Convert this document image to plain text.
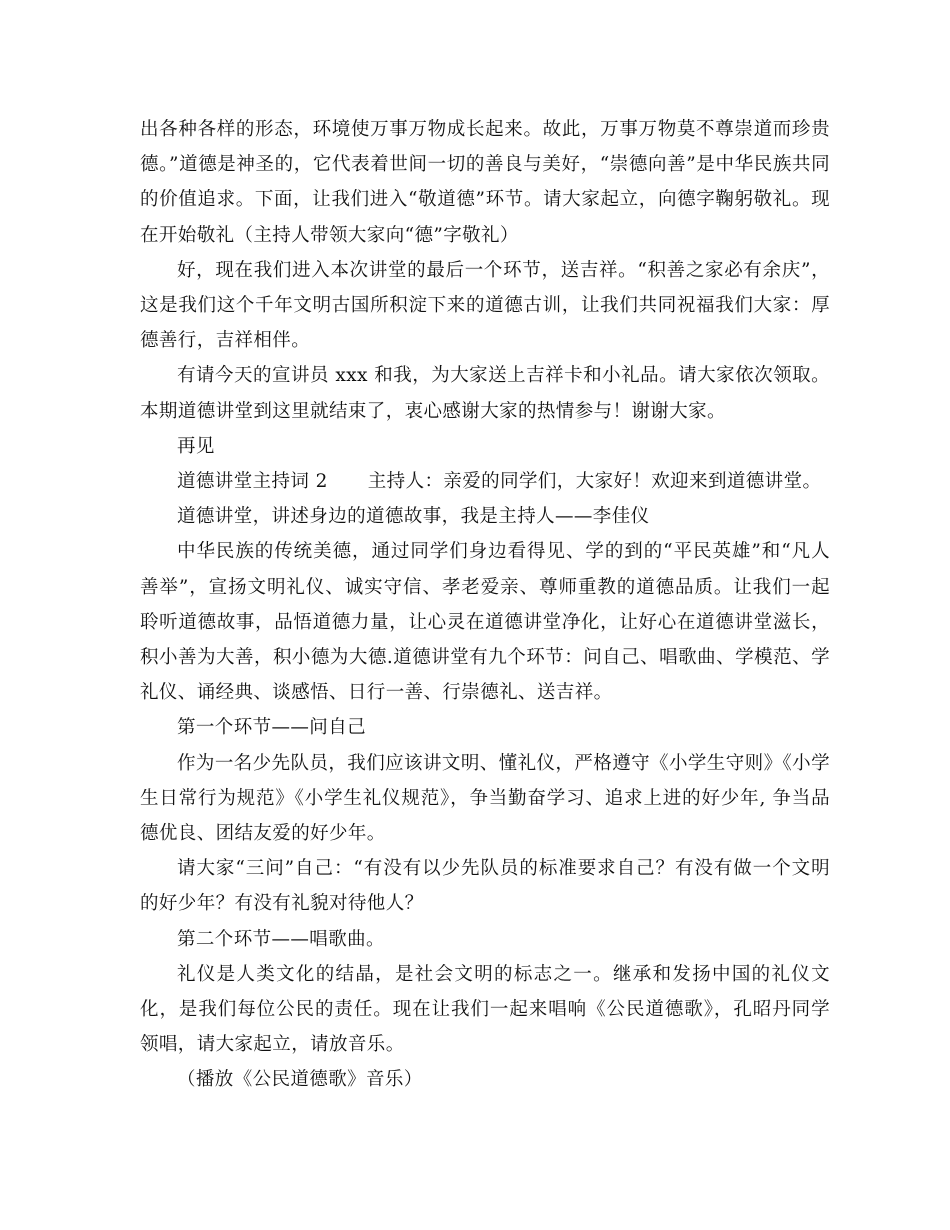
出各种各样的形态，环境使万事万物成长起来。故此，万事万物莫不尊崇道而珍贵德。”道德是神圣的，它代表着世间一切的善良与美好，“崇德向善”是中华民族共同的价值追求。下面，让我们进入“敬道德”环节。请大家起立，向德字鞠躬敬礼。现在开始敬礼（主持人带领大家向“德”字敬礼）

好，现在我们进入本次讲堂的最后一个环节，送吉祥。“积善之家必有余庆”，这是我们这个千年文明古国所积淀下来的道德古训，让我们共同祝福我们大家：厚德善行，吉祥相伴。

有请今天的宣讲员 xxx 和我，为大家送上吉祥卡和小礼品。请大家依次领取。本期道德讲堂到这里就结束了，衷心感谢大家的热情参与！谢谢大家。

再见

道德讲堂主持词 2 主持人：亲爱的同学们，大家好！欢迎来到道德讲堂。

道德讲堂，讲述身边的道德故事，我是主持人——李佳仪

中华民族的传统美德，通过同学们身边看得见、学的到的“平民英雄”和“凡人善举”，宣扬文明礼仪、诚实守信、孝老爱亲、尊师重教的道德品质。让我们一起聆听道德故事，品悟道德力量，让心灵在道德讲堂净化，让好心在道德讲堂滋长，积小善为大善，积小德为大德.道德讲堂有九个环节：问自己、唱歌曲、学模范、学礼仪、诵经典、谈感悟、日行一善、行崇德礼、送吉祥。

第一个环节——问自己

作为一名少先队员，我们应该讲文明、懂礼仪，严格遵守《小学生守则》《小学生日常行为规范》《小学生礼仪规范》，争当勤奋学习、追求上进的好少年, 争当品德优良、团结友爱的好少年。

请大家“三问”自己：“有没有以少先队员的标准要求自己？有没有做一个文明的好少年？有没有礼貌对待他人？

第二个环节——唱歌曲。

礼仪是人类文化的结晶，是社会文明的标志之一。继承和发扬中国的礼仪文化，是我们每位公民的责任。现在让我们一起来唱响《公民道德歌》，孔昭丹同学领唱，请大家起立，请放音乐。

（播放《公民道德歌》音乐）
